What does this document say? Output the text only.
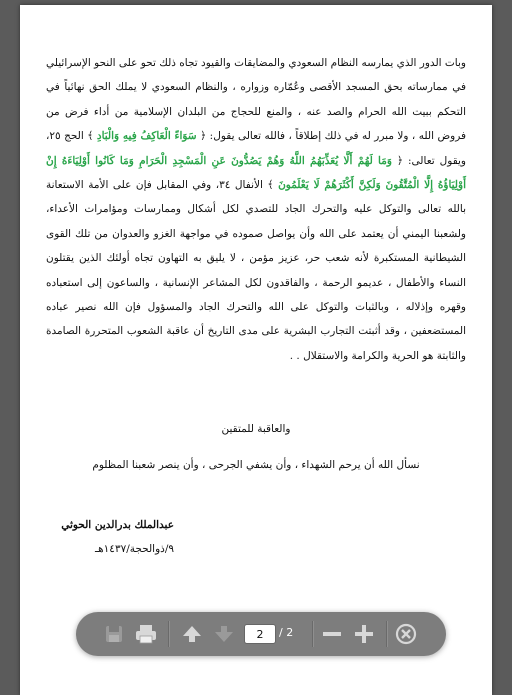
وبات الدور الذي يمارسه النظام السعودي والمضايقات والقيود تجاه ذلك تحو على النحو الإسرائيلي في ممارساته بحق المسجد الأقصى وعُمّاره وزواره ، والنظام السعودي لا يملك الحق نهائياً في التحكم ببيت الله الحرام والصد عنه ، والمنع للحجاج من البلدان الإسلامية من أداء فرض من فروض الله ، ولا مبرر له في ذلك إطلاقاً ، فالله تعالى يقول: ﴿ سَوَاءً الْعَاكِفُ فِيهِ وَالْبَادِ ﴾ الحج ٢٥، ويقول تعالى: ﴿ وَمَا لَهُمْ أَلَّا يُعَذِّبَهُمُ اللَّهُ وَهُمْ يَصُدُّونَ عَنِ الْمَسْجِدِ الْحَرَامِ وَمَا كَانُوا أَوْلِيَاءَهُ إِنْ أَوْلِيَاؤُهُ إِلَّا الْمُتَّقُونَ وَلَكِنَّ أَكْثَرَهُمْ لَا يَعْلَمُونَ ﴾ الأنفال ٣٤، وفي المقابل فإن على الأمة الاستعانة بالله تعالى والتوكل عليه والتحرك الجاد للتصدي لكل أشكال وممارسات ومؤامرات الأعداء، ولشعبنا اليمني أن يعتمد على الله وأن يواصل صموده في مواجهة الغزو والعدوان من تلك القوى الشيطانية المستكبرة لأنه شعب حر، عزيز مؤمن ، لا يليق به التهاون تجاه أولئك الذين يقتلون النساء والأطفال ، عديمو الرحمة ، والفاقدون لكل المشاعر الإنسانية ، والساعون إلى استعباده وقهره وإذلاله ، وبالثبات والتوكل على الله والتحرك الجاد والمسؤول فإن الله نصير عباده المستضعفين ، وقد أثبتت التجارب البشرية على مدى التاريخ أن عاقبة الشعوب المتحررة الصامدة والثابتة هو الحرية والكرامة والاستقلال . .
والعاقبة للمتقين
نسأل الله أن يرحم الشهداء ، وأن يشفي الجرحى ، وأن ينصر شعبنا المظلوم
عبدالملك بدرالدين الحوثي
٩/ذوالحجة/١٤٣٧هـ
2
/ 2
